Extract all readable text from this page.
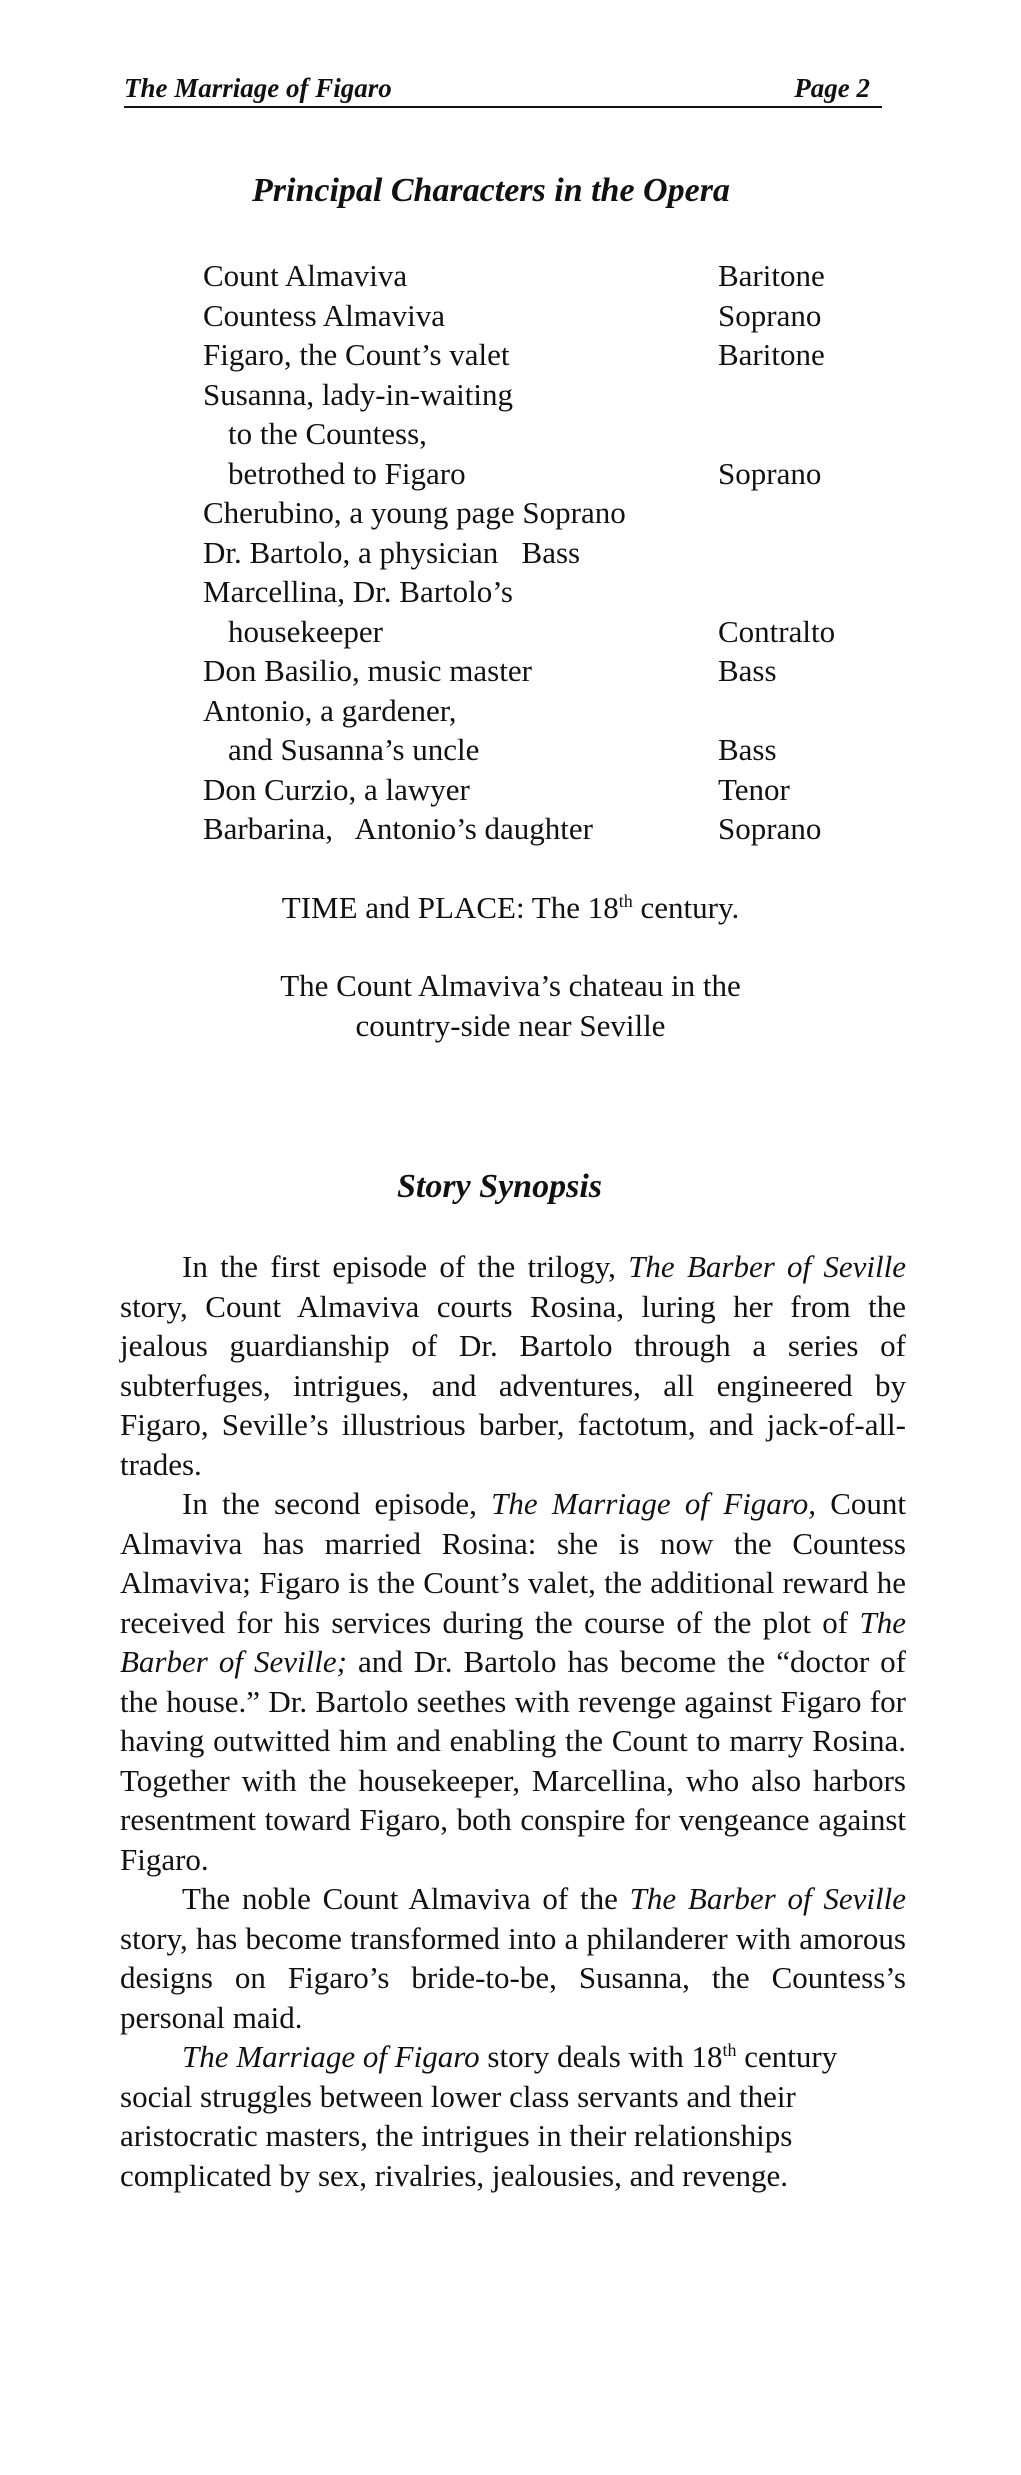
The Marriage of Figaro	Page 2
Principal Characters in the Opera
Count Almaviva	Baritone
Countess Almaviva	Soprano
Figaro, the Count’s valet	Baritone
Susanna, lady-in-waiting
to the Countess,
betrothed to Figaro	Soprano
Cherubino, a young page Soprano
Dr. Bartolo, a physician   Bass
Marcellina, Dr. Bartolo’s
housekeeper	Contralto
Don Basilio, music master	Bass
Antonio, a gardener,
and Susanna’s uncle	Bass
Don Curzio, a lawyer	Tenor
Barbarina,   Antonio’s daughter	Soprano
TIME and PLACE: The 18th century.
The Count Almaviva’s chateau in the
country-side near Seville
Story Synopsis

In the first episode of the trilogy, The Barber of Seville story, Count Almaviva courts Rosina, luring her from the jealous guardianship of Dr. Bartolo through a series of subterfuges, intrigues, and adventures, all engineered by Figaro, Seville’s illustrious barber, factotum, and jack-of-all-trades.

In the second episode, The Marriage of Figaro, Count Almaviva has married Rosina: she is now the Countess Almaviva; Figaro is the Count’s valet, the additional reward he received for his services during the course of the plot of The Barber of Seville; and Dr. Bartolo has become the “doctor of the house.” Dr. Bartolo seethes with revenge against Figaro for having outwitted him and enabling the Count to marry Rosina. Together with the housekeeper, Marcellina, who also harbors resentment toward Figaro, both conspire for vengeance against Figaro.

The noble Count Almaviva of the The Barber of Seville story, has become transformed into a philanderer with amorous designs on Figaro’s bride-to-be, Susanna, the Countess’s personal maid.

The Marriage of Figaro story deals with 18th century social struggles between lower class servants and their aristocratic masters, the intrigues in their relationships complicated by sex, rivalries, jealousies, and revenge.
